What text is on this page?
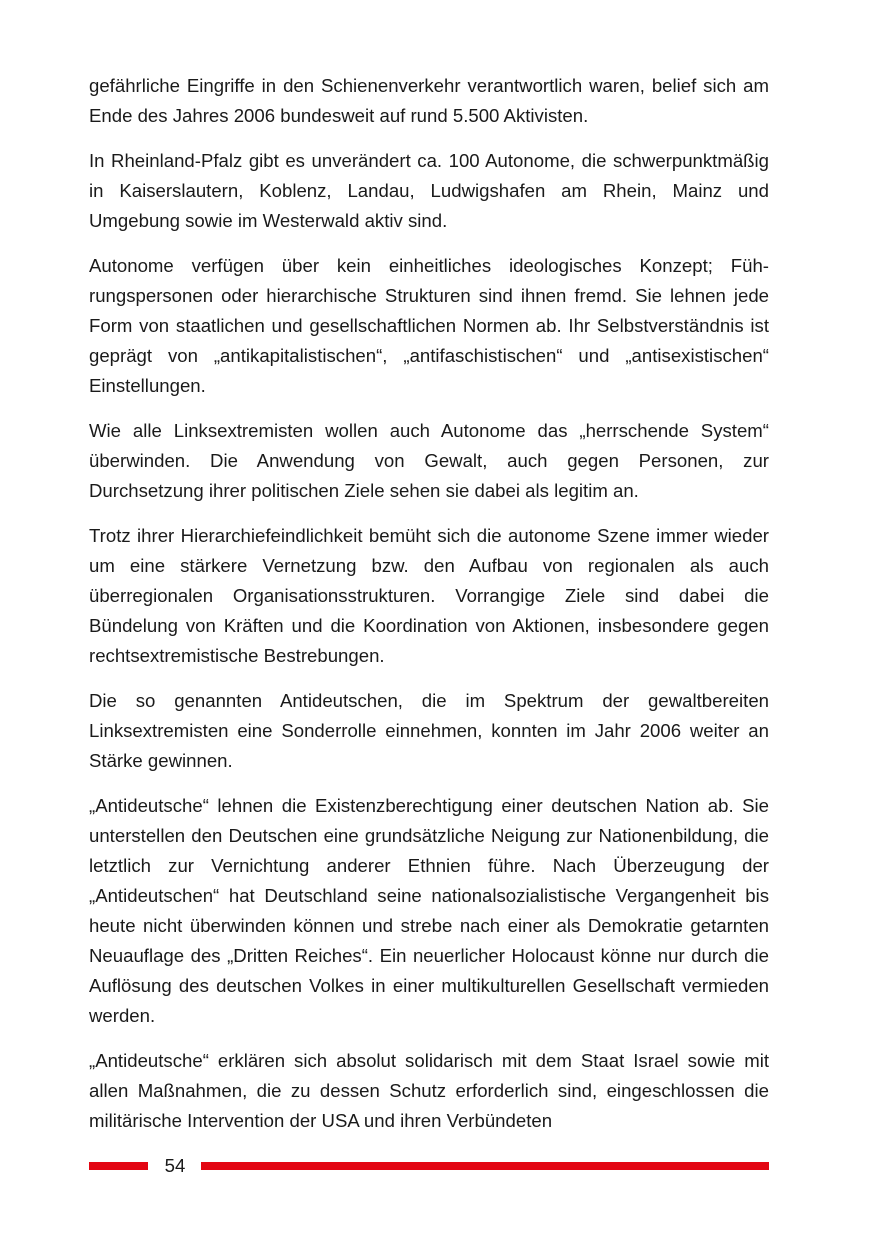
gefährliche Eingriffe in den Schienenverkehr verantwortlich waren, belief sich am Ende des Jahres 2006 bundesweit auf rund 5.500 Aktivisten.

In Rheinland-Pfalz gibt es unverändert ca. 100 Autonome, die schwerpunktmäßig in Kaiserslautern, Koblenz, Landau, Ludwigshafen am Rhein, Mainz und Umgebung sowie im Westerwald aktiv sind.

Autonome verfügen über kein einheitliches ideologisches Konzept; Führungspersonen oder hierarchische Strukturen sind ihnen fremd. Sie lehnen jede Form von staatlichen und gesellschaftlichen Normen ab. Ihr Selbstverständnis ist geprägt von „antikapitalistischen“, „antifaschistischen“ und „antisexistischen“ Einstellungen.

Wie alle Linksextremisten wollen auch Autonome das „herrschende System“ überwinden. Die Anwendung von Gewalt, auch gegen Personen, zur Durchsetzung ihrer politischen Ziele sehen sie dabei als legitim an.

Trotz ihrer Hierarchiefeindlichkeit bemüht sich die autonome Szene immer wieder um eine stärkere Vernetzung bzw. den Aufbau von regionalen als auch überregionalen Organisationsstrukturen. Vorrangige Ziele sind dabei die Bündelung von Kräften und die Koordination von Aktionen, insbesondere gegen rechtsextremistische Bestrebungen.

Die so genannten Antideutschen, die im Spektrum der gewaltbereiten Linksextremisten eine Sonderrolle einnehmen, konnten im Jahr 2006 weiter an Stärke gewinnen.

„Antideutsche“ lehnen die Existenzberechtigung einer deutschen Nation ab. Sie unterstellen den Deutschen eine grundsätzliche Neigung zur Nationenbildung, die letztlich zur Vernichtung anderer Ethnien führe. Nach Überzeugung der „Antideutschen“ hat Deutschland seine nationalsozialistische Vergangenheit bis heute nicht überwinden können und strebe nach einer als Demokratie getarnten Neuauflage des „Dritten Reiches“. Ein neuerlicher Holocaust könne nur durch die Auflösung des deutschen Volkes in einer multikulturellen Gesellschaft vermieden werden.

„Antideutsche“ erklären sich absolut solidarisch mit dem Staat Israel sowie mit allen Maßnahmen, die zu dessen Schutz erforderlich sind, eingeschlossen die militärische Intervention der USA und ihren Verbündeten

54
